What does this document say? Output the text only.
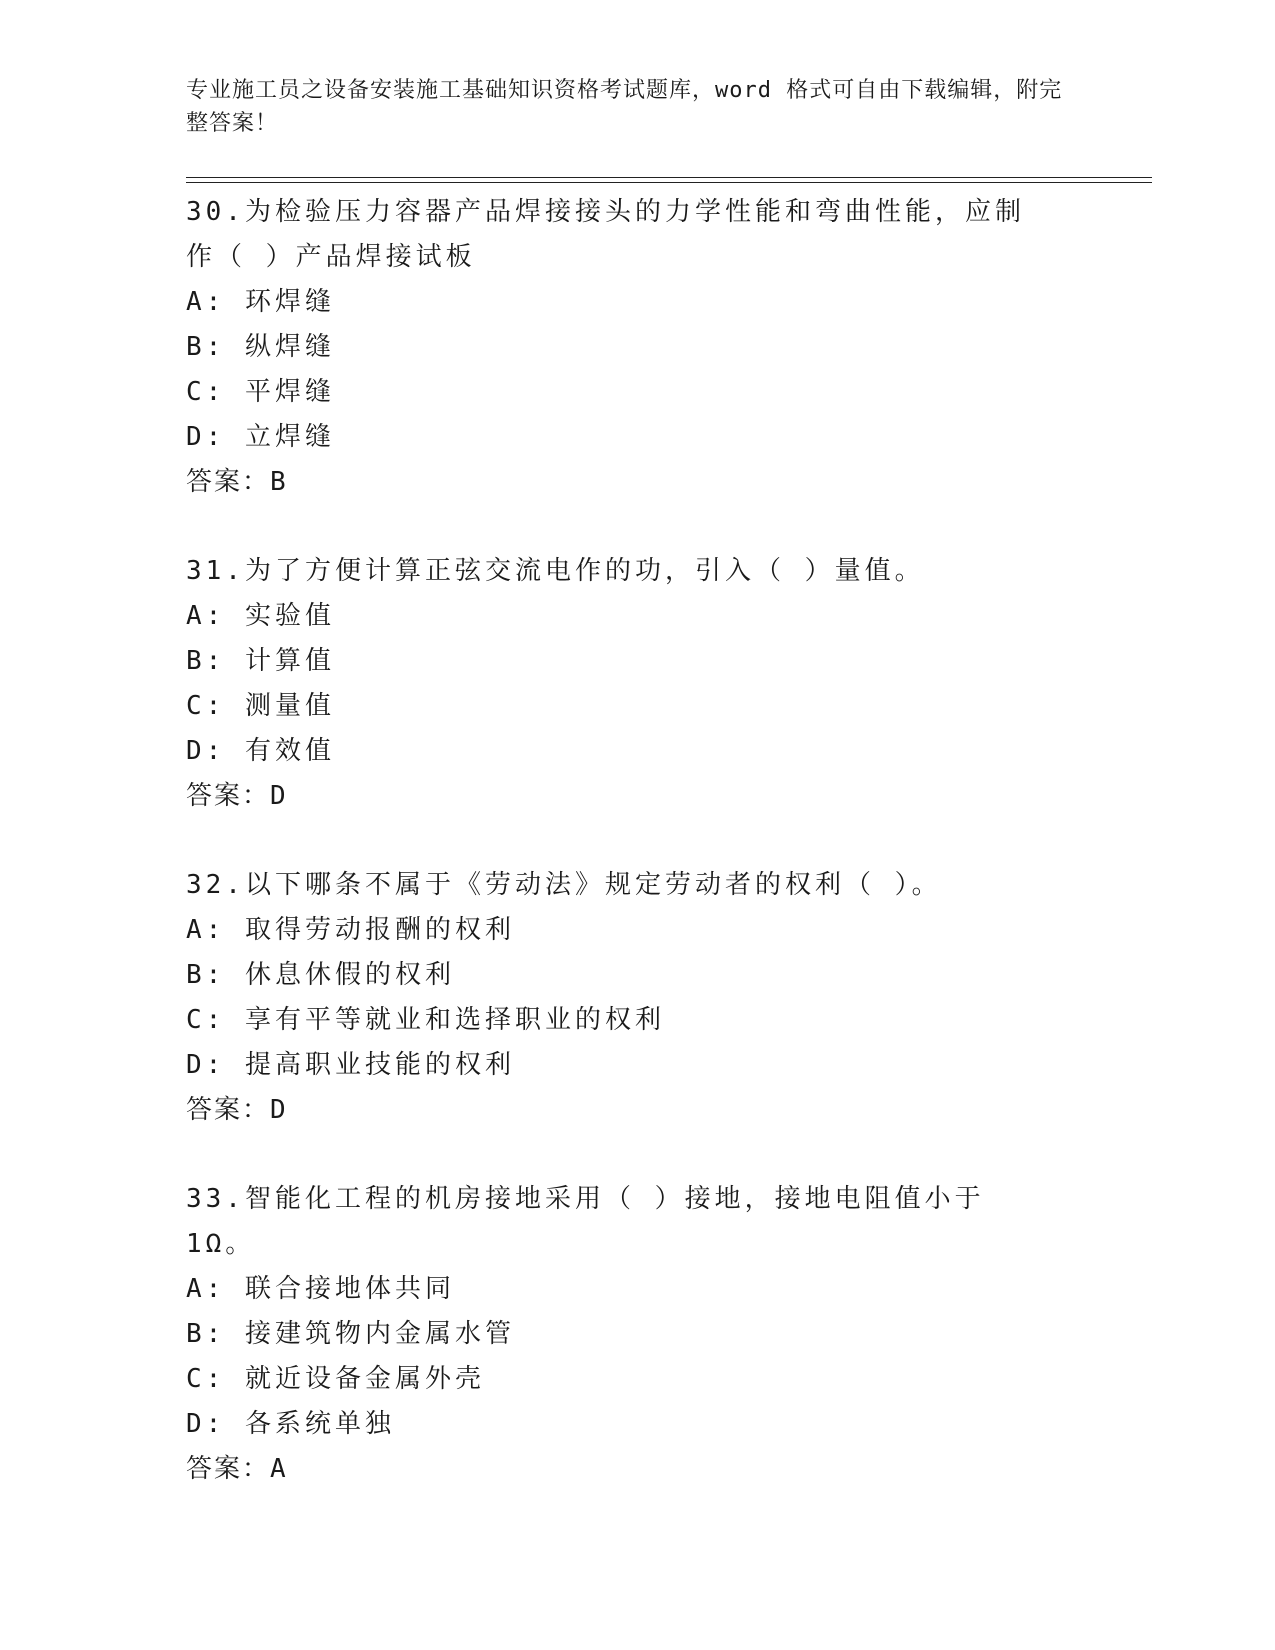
专业施工员之设备安装施工基础知识资格考试题库，word 格式可自由下载编辑，附完整答案！
30.为检验压力容器产品焊接接头的力学性能和弯曲性能，应制作（ ）产品焊接试板
A: 环焊缝
B: 纵焊缝
C: 平焊缝
D: 立焊缝
答案：B
31.为了方便计算正弦交流电作的功，引入（ ）量值。
A: 实验值
B: 计算值
C: 测量值
D: 有效值
答案：D
32.以下哪条不属于《劳动法》规定劳动者的权利（ ）。
A: 取得劳动报酬的权利
B: 休息休假的权利
C: 享有平等就业和选择职业的权利
D: 提高职业技能的权利
答案：D
33.智能化工程的机房接地采用（ ）接地，接地电阻值小于1Ω。
A: 联合接地体共同
B: 接建筑物内金属水管
C: 就近设备金属外壳
D: 各系统单独
答案：A
